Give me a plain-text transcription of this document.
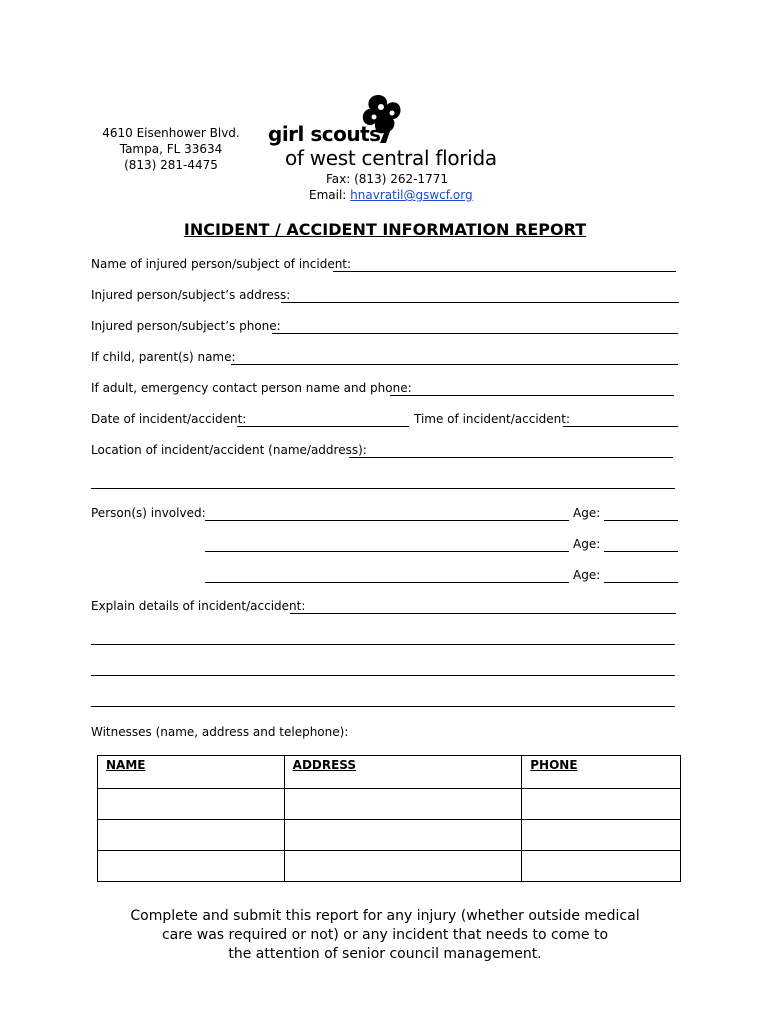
4610 Eisenhower Blvd.
Tampa, FL 33634
(813) 281-4475
girl scouts
of west central florida
Fax: (813) 262-1771
Email: hnavratil@gswcf.org
INCIDENT / ACCIDENT INFORMATION REPORT
Name of injured person/subject of incident:
Injured person/subject’s address:
Injured person/subject’s phone:
If child, parent(s) name:
If adult, emergency contact person name and phone:
Date of incident/accident:	Time of incident/accident:
Location of incident/accident (name/address):
Person(s) involved:	Age:
Age:
Age:
Explain details of incident/accident:
Witnesses (name, address and telephone):
NAME	ADDRESS	PHONE

Complete and submit this report for any injury (whether outside medical
care was required or not) or any incident that needs to come to
the attention of senior council management.
